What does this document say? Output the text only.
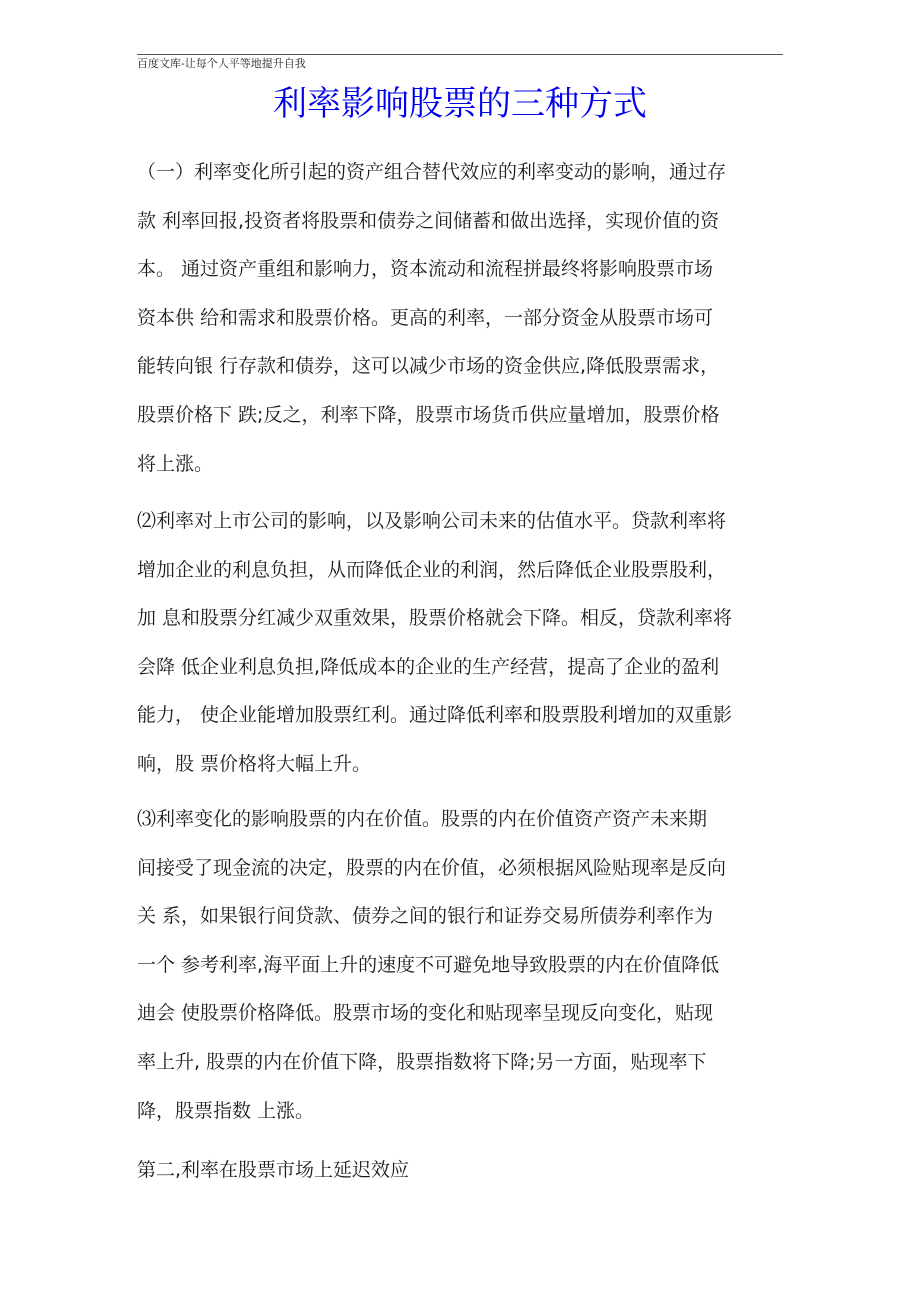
百度文库-让每个人平等地提升自我
利率影响股票的三种方式
（一）利率变化所引起的资产组合替代效应的利率变动的影响，通过存
款 利率回报,投资者将股票和债券之间储蓄和做出选择，实现价值的资
本。 通过资产重组和影响力，资本流动和流程拼最终将影响股票市场
资本供 给和需求和股票价格。更高的利率，一部分资金从股票市场可
能转向银 行存款和债券，这可以减少市场的资金供应,降低股票需求，
股票价格下 跌;反之，利率下降，股票市场货币供应量增加，股票价格
将上涨。
⑵利率对上市公司的影响，以及影响公司未来的估值水平。贷款利率将
增加企业的利息负担，从而降低企业的利润，然后降低企业股票股利，
加 息和股票分红减少双重效果，股票价格就会下降。相反，贷款利率将
会降 低企业利息负担,降低成本的企业的生产经营，提高了企业的盈利
能力， 使企业能增加股票红利。通过降低利率和股票股利增加的双重影
响，股 票价格将大幅上升。
⑶利率变化的影响股票的内在价值。股票的内在价值资产资产未来期
间接受了现金流的决定，股票的内在价值，必须根据风险贴现率是反向
关 系，如果银行间贷款、债券之间的银行和证券交易所债券利率作为
一个 参考利率,海平面上升的速度不可避免地导致股票的内在价值降低
迪会 使股票价格降低。股票市场的变化和贴现率呈现反向变化，贴现
率上升, 股票的内在价值下降，股票指数将下降;另一方面，贴现率下
降，股票指数 上涨。
第二,利率在股票市场上延迟效应
